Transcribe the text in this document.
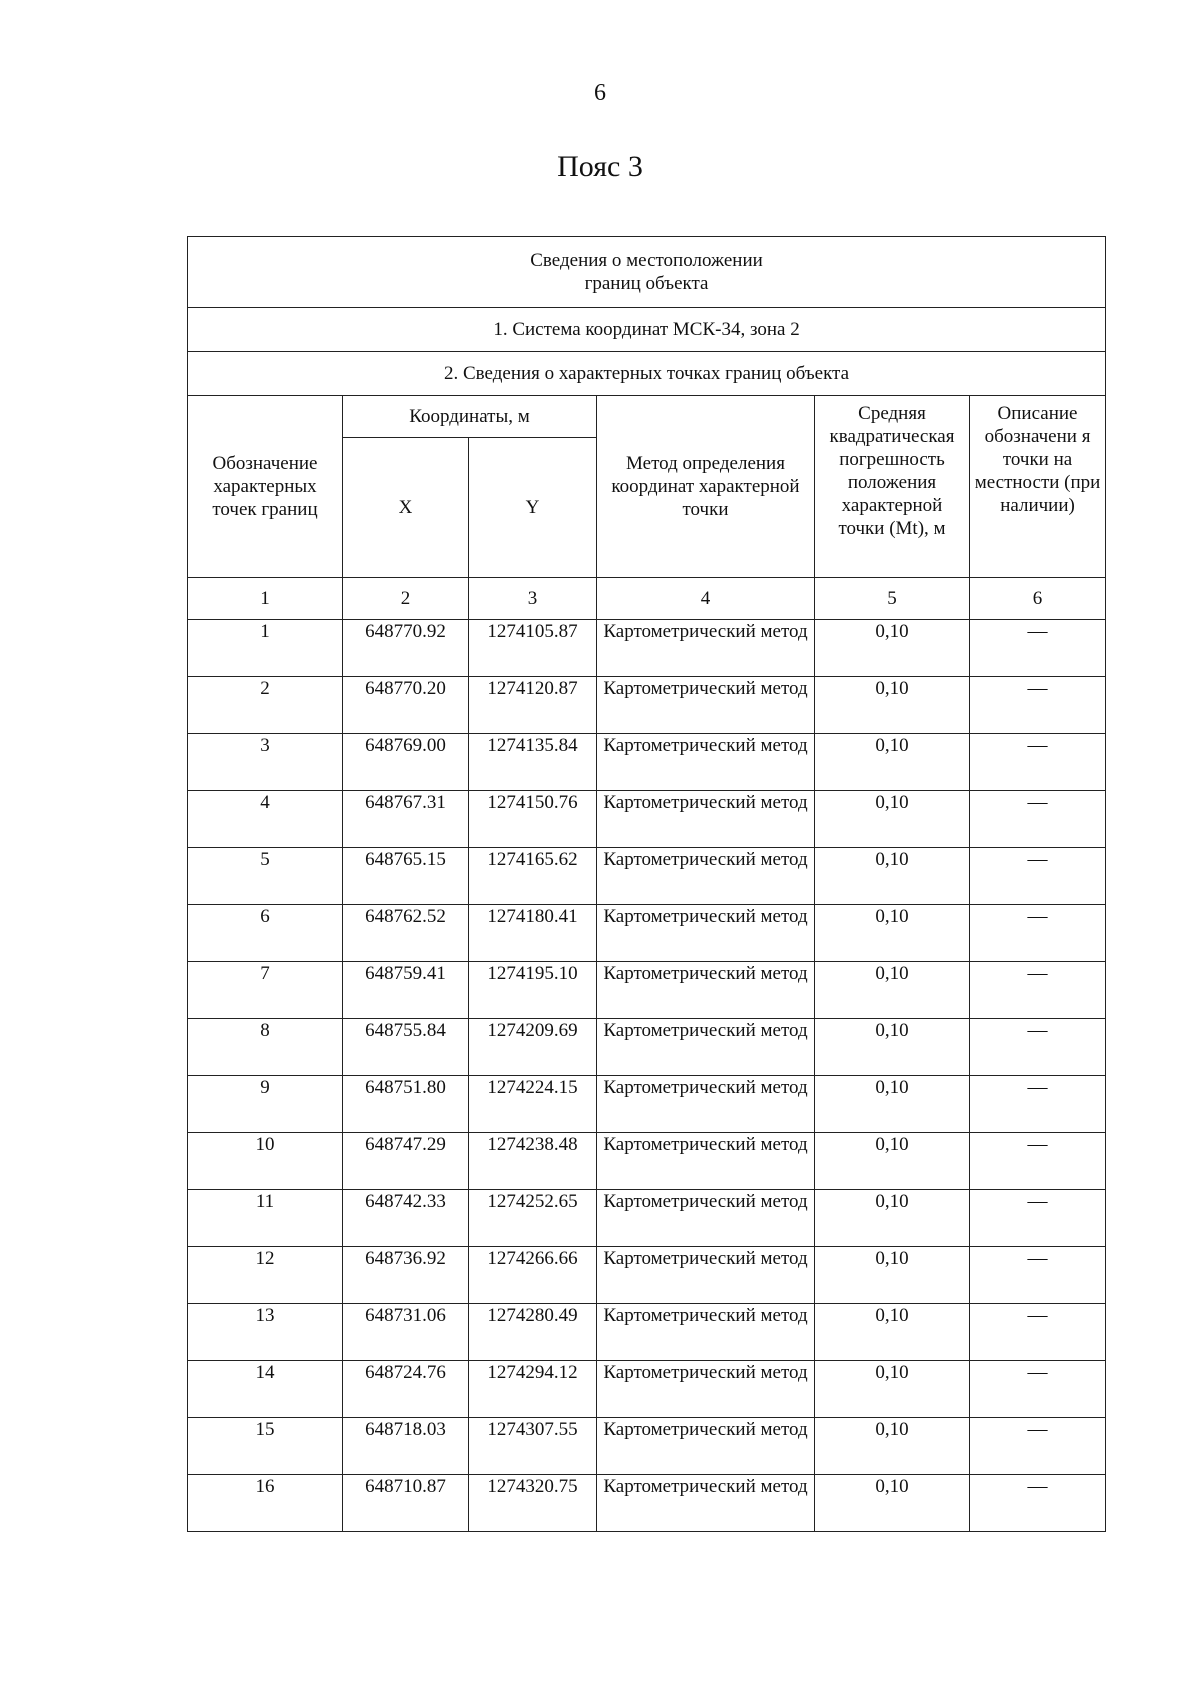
6
Пояс 3
Сведения о местоположении
границ объекта					

1. Система координат МСК-34, зона 2					
2. Сведения о характерных точках границ объекта					
Обозначение характерных точек границ	Координаты, м		Метод определения координат характерной точки	Средняя квадратическая погрешность положения характерной точки (Mt), м	Описание обозначени я точки на местности (при наличии)
	X	Y			
1	2	3	4	5	6
1	648770.92	1274105.87	Картометрический метод	0,10	—
2	648770.20	1274120.87	Картометрический метод	0,10	—
3	648769.00	1274135.84	Картометрический метод	0,10	—
4	648767.31	1274150.76	Картометрический метод	0,10	—
5	648765.15	1274165.62	Картометрический метод	0,10	—
6	648762.52	1274180.41	Картометрический метод	0,10	—
7	648759.41	1274195.10	Картометрический метод	0,10	—
8	648755.84	1274209.69	Картометрический метод	0,10	—
9	648751.80	1274224.15	Картометрический метод	0,10	—
10	648747.29	1274238.48	Картометрический метод	0,10	—
11	648742.33	1274252.65	Картометрический метод	0,10	—
12	648736.92	1274266.66	Картометрический метод	0,10	—
13	648731.06	1274280.49	Картометрический метод	0,10	—
14	648724.76	1274294.12	Картометрический метод	0,10	—
15	648718.03	1274307.55	Картометрический метод	0,10	—
16	648710.87	1274320.75	Картометрический метод	0,10	—
